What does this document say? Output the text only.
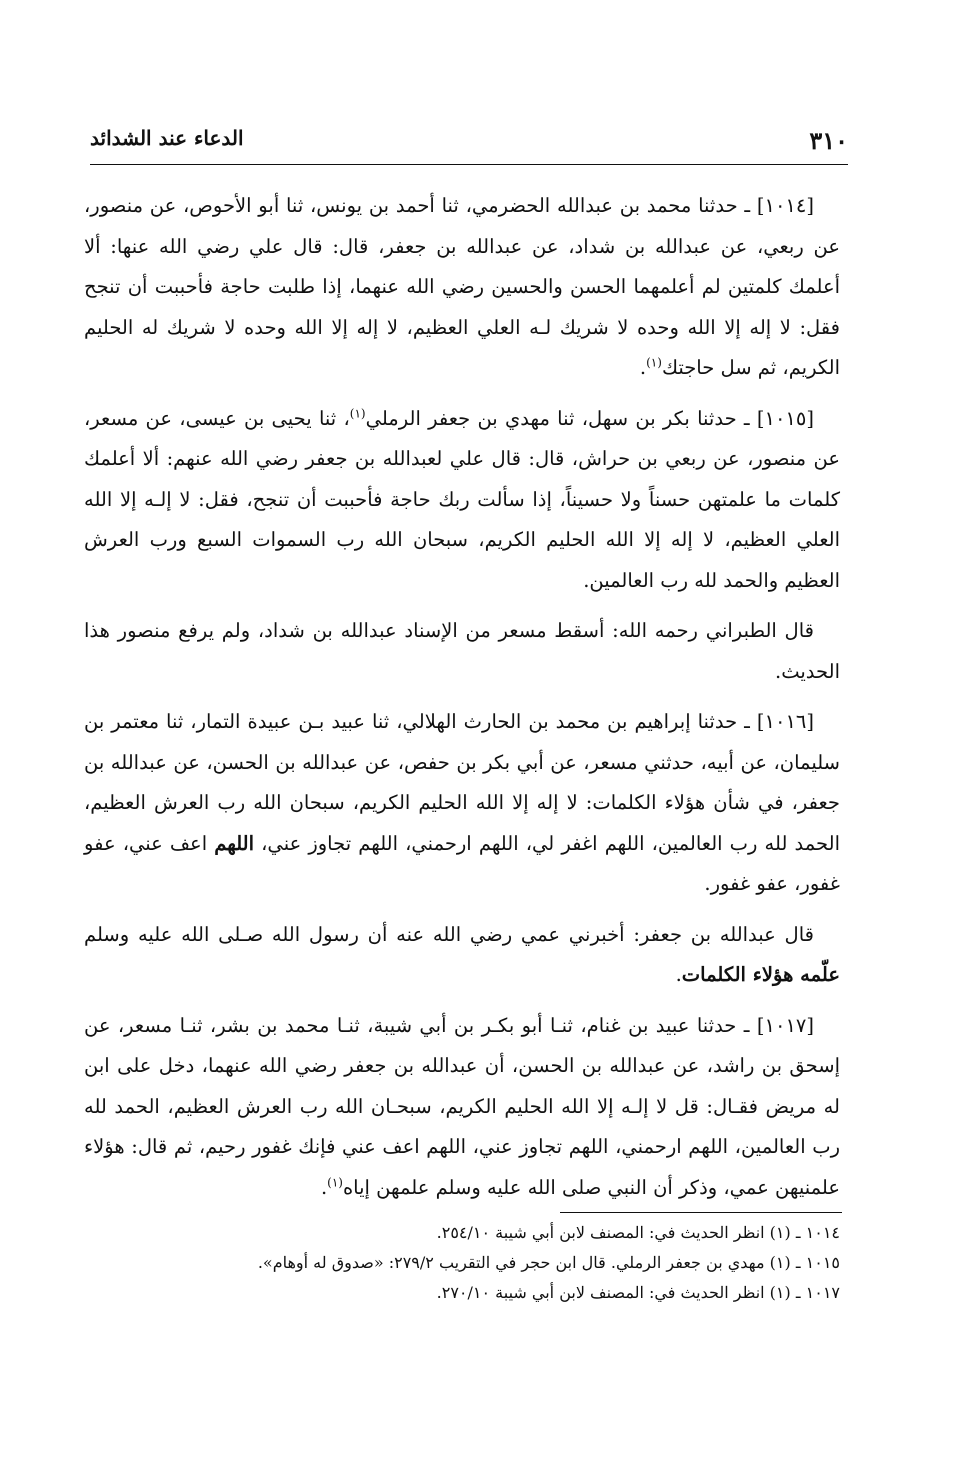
٣١٠
الدعاء عند الشدائد

[١٠١٤] ـ حدثنا محمد بن عبدالله الحضرمي، ثنا أحمد بن يونس، ثنا أبو الأحوص، عن منصور، عن ربعي، عن عبدالله بن شداد، عن عبدالله بن جعفر، قال: قال علي رضي الله عنها: ألا أعلمك كلمتين لم أعلمهما الحسن والحسين رضي الله عنهما، إذا طلبت حاجة فأحببت أن تنجح فقل: لا إله إلا الله وحده لا شريك لـه العلي العظيم، لا إله إلا الله وحده لا شريك له الحليم الكريم، ثم سل حاجتك$^{(١)}$.

[١٠١٥] ـ حدثنا بكر بن سهل، ثنا مهدي بن جعفر الرملي$^{(١)}$، ثنا يحيى بن عيسى، عن مسعر، عن منصور، عن ربعي بن حراش، قال: قال علي لعبدالله بن جعفر رضي الله عنهم: ألا أعلمك كلمات ما علمتهن حسناً ولا حسيناً، إذا سألت ربك حاجة فأحببت أن تنجح، فقل: لا إلـه إلا الله العلي العظيم، لا إله إلا الله الحليم الكريم، سبحان الله رب السموات السبع ورب العرش العظيم والحمد لله رب العالمين.

قال الطبراني رحمه الله: أسقط مسعر من الإسناد عبدالله بن شداد، ولم يرفع منصور هذا الحديث.

[١٠١٦] ـ حدثنا إبراهيم بن محمد بن الحارث الهلالي، ثنا عبيد بـن عبيدة التمار، ثنا معتمر بن سليمان، عن أبيه، حدثني مسعر، عن أبي بكر بن حفص، عن عبدالله بن الحسن، عن عبدالله بن جعفر، في شأن هؤلاء الكلمات: لا إله إلا الله الحليم الكريم، سبحان الله رب العرش العظيم، الحمد لله رب العالمين، اللهم اغفر لي، اللهم ارحمني، اللهم تجاوز عني، اللهم اعف عني، عفو غفور، عفو غفور.

قال عبدالله بن جعفر: أخبرني عمي رضي الله عنه أن رسول الله صـلى الله عليه وسلم علّمه هؤلاء الكلمات.

[١٠١٧] ـ حدثنا عبيد بن غنام، ثنـا أبو بكـر بن أبي شيبة، ثنـا محمد بن بشر، ثنـا مسعر، عن إسحق بن راشد، عن عبدالله بن الحسن، أن عبدالله بن جعفر رضي الله عنهما، دخل على ابن له مريض فقـال: قل لا إلـه إلا الله الحليم الكريم، سبحـان الله رب العرش العظيم، الحمد لله رب العالمين، اللهم ارحمني، اللهم تجاوز عني، اللهم اعف عني فإنك غفور رحيم، ثم قال: هؤلاء علمنيهن عمي، وذكر أن النبي صلى الله عليه وسلم علمهن إياه$^{(١)}$.

١٠١٤ ـ (١) انظر الحديث في: المصنف لابن أبي شيبة ٢٥٤/١٠.
١٠١٥ ـ (١) مهدي بن جعفر الرملي. قال ابن حجر في التقريب ٢٧٩/٢: «صدوق له أوهام».
١٠١٧ ـ (١) انظر الحديث في: المصنف لابن أبي شيبة ٢٧٠/١٠.
